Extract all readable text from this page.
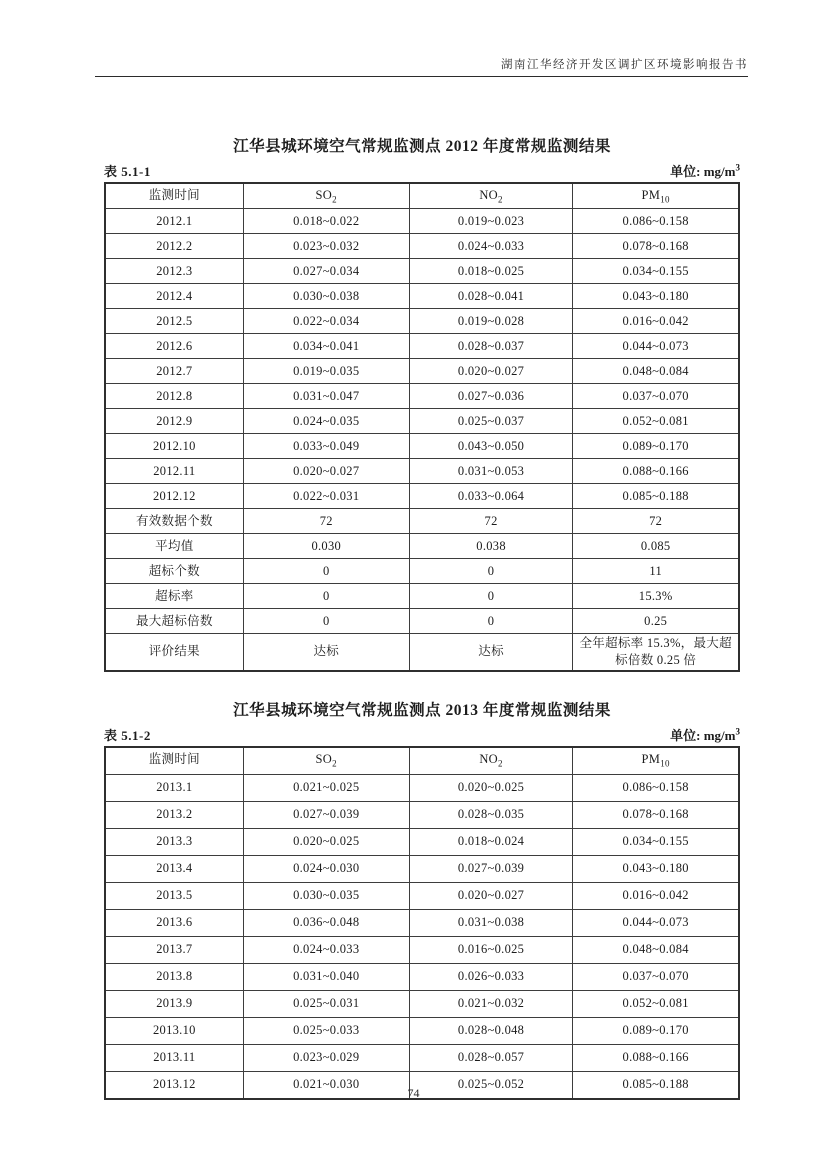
湖南江华经济开发区调扩区环境影响报告书
江华县城环境空气常规监测点 2012 年度常规监测结果
表 5.1-1	单位: $mg/m^3$
监测时间	$SO_2$	$NO_2$	$PM_{10}$
2012.1	0.018~0.022	0.019~0.023	0.086~0.158
2012.2	0.023~0.032	0.024~0.033	0.078~0.168
2012.3	0.027~0.034	0.018~0.025	0.034~0.155
2012.4	0.030~0.038	0.028~0.041	0.043~0.180
2012.5	0.022~0.034	0.019~0.028	0.016~0.042
2012.6	0.034~0.041	0.028~0.037	0.044~0.073
2012.7	0.019~0.035	0.020~0.027	0.048~0.084
2012.8	0.031~0.047	0.027~0.036	0.037~0.070
2012.9	0.024~0.035	0.025~0.037	0.052~0.081
2012.10	0.033~0.049	0.043~0.050	0.089~0.170
2012.11	0.020~0.027	0.031~0.053	0.088~0.166
2012.12	0.022~0.031	0.033~0.064	0.085~0.188
有效数据个数	72	72	72
平均值	0.030	0.038	0.085
超标个数	0	0	11
超标率	0	0	15.3%
最大超标倍数	0	0	0.25
评价结果	达标	达标	全年超标率 15.3%，最大超标倍数 0.25 倍
江华县城环境空气常规监测点 2013 年度常规监测结果
表 5.1-2	单位: $mg/m^3$
监测时间	$SO_2$	$NO_2$	$PM_{10}$
2013.1	0.021~0.025	0.020~0.025	0.086~0.158
2013.2	0.027~0.039	0.028~0.035	0.078~0.168
2013.3	0.020~0.025	0.018~0.024	0.034~0.155
2013.4	0.024~0.030	0.027~0.039	0.043~0.180
2013.5	0.030~0.035	0.020~0.027	0.016~0.042
2013.6	0.036~0.048	0.031~0.038	0.044~0.073
2013.7	0.024~0.033	0.016~0.025	0.048~0.084
2013.8	0.031~0.040	0.026~0.033	0.037~0.070
2013.9	0.025~0.031	0.021~0.032	0.052~0.081
2013.10	0.025~0.033	0.028~0.048	0.089~0.170
2013.11	0.023~0.029	0.028~0.057	0.088~0.166
2013.12	0.021~0.030	0.025~0.052	0.085~0.188
74
